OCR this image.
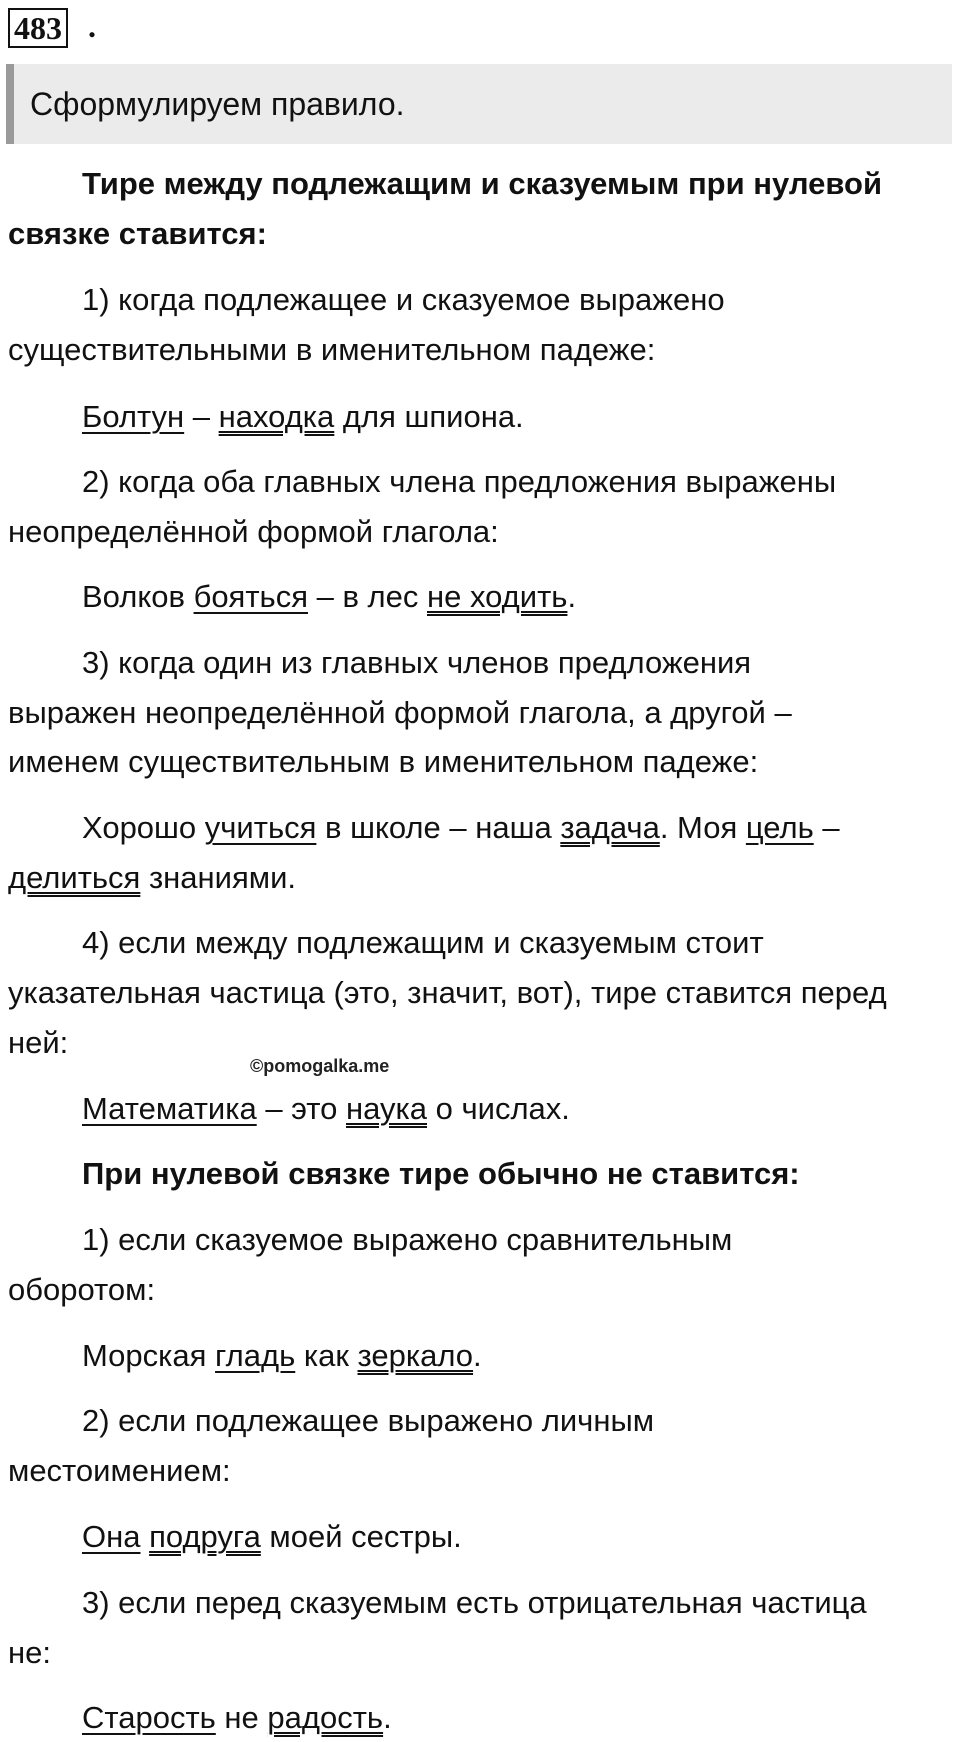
483 .
Сформулируем правило.
Тире между подлежащим и сказуемым при нулевой
связке ставится:
1) когда подлежащее и сказуемое выражено
существительными в именительном падеже:
Болтун – находка для шпиона.
2) когда оба главных члена предложения выражены
неопределённой формой глагола:
Волков бояться – в лес не ходить.
3) когда один из главных членов предложения
выражен неопределённой формой глагола, а другой –
именем существительным в именительном падеже:
Хорошо учиться в школе – наша задача. Моя цель –
делиться знаниями.
4) если между подлежащим и сказуемым стоит
указательная частица (это, значит, вот), тире ставится перед
ней:
©pomogalka.me
Математика – это наука о числах.
При нулевой связке тире обычно не ставится:
1) если сказуемое выражено сравнительным
оборотом:
Морская гладь как зеркало.
2) если подлежащее выражено личным
местоимением:
Она подруга моей сестры.
3) если перед сказуемым есть отрицательная частица
не:
Старость не радость.
